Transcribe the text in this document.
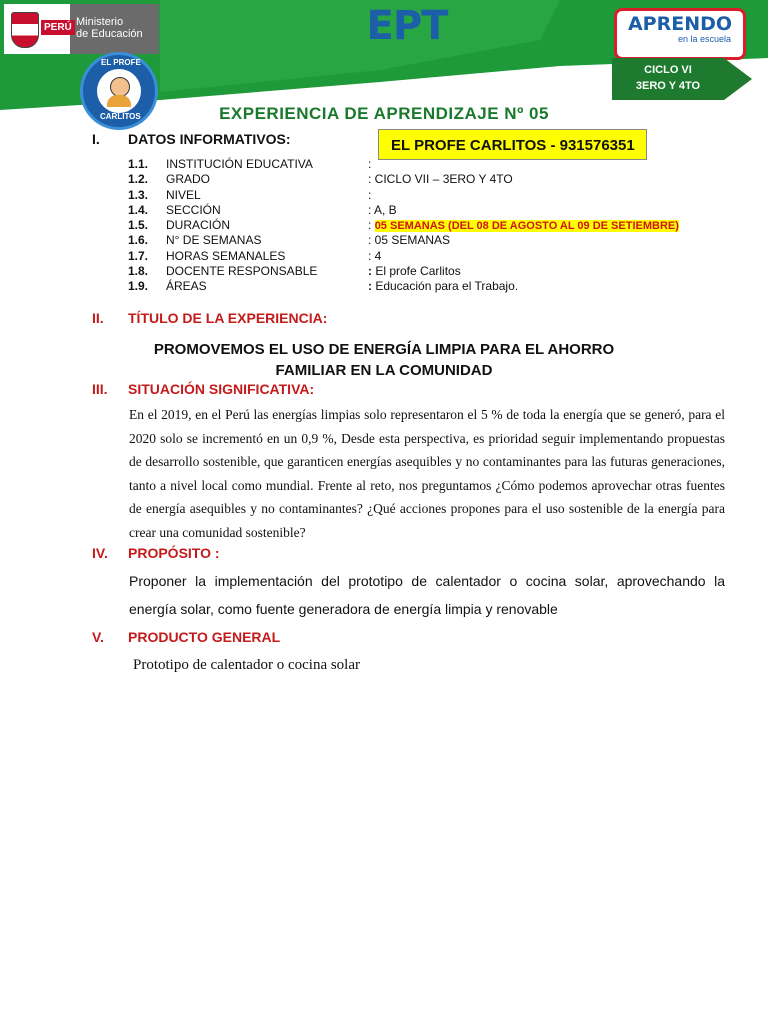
PERÚ Ministerio
de Educación	EPT	APRENDO
en la escuela
CICLO VI
3ERO Y 4TO
EL PROFE
CARLITOS	EXPERIENCIA DE APRENDIZAJE Nº 05
I. DATOS INFORMATIVOS:	EL PROFE CARLITOS - 931576351
1.1. INSTITUCIÓN EDUCATIVA	:
1.2. GRADO	: CICLO VII – 3ERO Y 4TO
1.3. NIVEL	:
1.4. SECCIÓN	: A, B
1.5. DURACIÓN	: 05 SEMANAS (DEL 08 DE AGOSTO AL 09 DE SETIEMBRE)
1.6. N° DE SEMANAS	: 05 SEMANAS
1.7. HORAS SEMANALES	: 4
1.8. DOCENTE RESPONSABLE	: El profe Carlitos
1.9. ÁREAS	: Educación para el Trabajo.
II. TÍTULO DE LA EXPERIENCIA:
PROMOVEMOS EL USO DE ENERGÍA LIMPIA PARA EL AHORRO
FAMILIAR EN LA COMUNIDAD
III. SITUACIÓN SIGNIFICATIVA:
En el 2019, en el Perú las energías limpias solo representaron el 5 % de toda la energía que se generó, para el 2020 solo se incrementó en un 0,9 %, Desde esta perspectiva, es prioridad seguir implementando propuestas de desarrollo sostenible, que garanticen energías asequibles y no contaminantes para las futuras generaciones, tanto a nivel local como mundial. Frente al reto, nos preguntamos ¿Cómo podemos aprovechar otras fuentes de energía asequibles y no contaminantes? ¿Qué acciones propones para el uso sostenible de la energía para crear una comunidad sostenible?
IV. PROPÓSITO :
Proponer la implementación del prototipo de calentador o cocina solar, aprovechando la energía solar, como fuente generadora de energía limpia y renovable
V. PRODUCTO GENERAL
Prototipo de calentador o cocina solar
